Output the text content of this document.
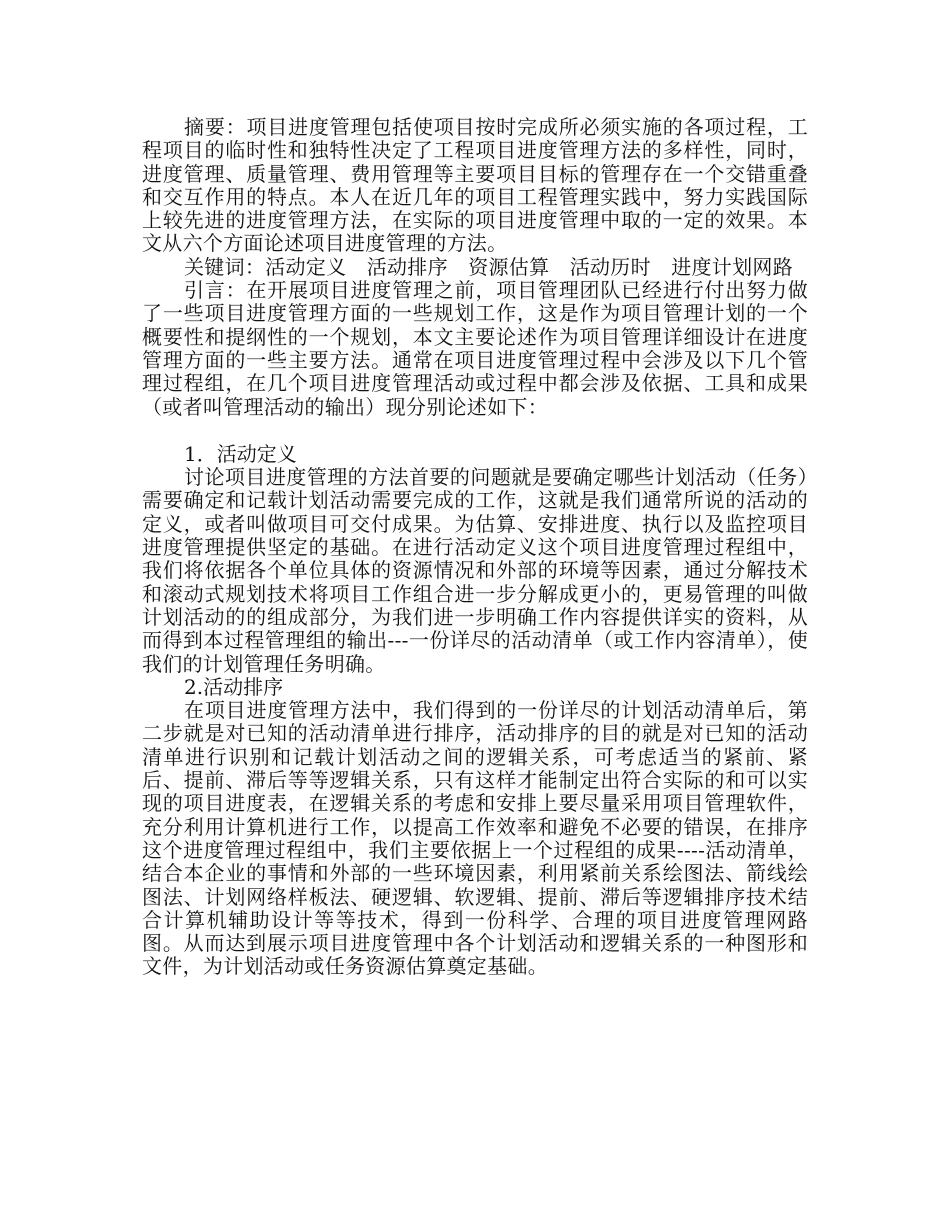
摘要：项目进度管理包括使项目按时完成所必须实施的各项过程，工程项目的临时性和独特性决定了工程项目进度管理方法的多样性，同时，进度管理、质量管理、费用管理等主要项目目标的管理存在一个交错重叠和交互作用的特点。本人在近几年的项目工程管理实践中，努力实践国际上较先进的进度管理方法，在实际的项目进度管理中取的一定的效果。本文从六个方面论述项目进度管理的方法。

关键词：活动定义　活动排序　资源估算　活动历时　进度计划网路

引言：在开展项目进度管理之前，项目管理团队已经进行付出努力做了一些项目进度管理方面的一些规划工作，这是作为项目管理计划的一个概要性和提纲性的一个规划，本文主要论述作为项目管理详细设计在进度管理方面的一些主要方法。通常在项目进度管理过程中会涉及以下几个管理过程组，在几个项目进度管理活动或过程中都会涉及依据、工具和成果（或者叫管理活动的输出）现分别论述如下：

1．活动定义

讨论项目进度管理的方法首要的问题就是要确定哪些计划活动（任务）需要确定和记载计划活动需要完成的工作，这就是我们通常所说的活动的定义，或者叫做项目可交付成果。为估算、安排进度、执行以及监控项目进度管理提供坚定的基础。在进行活动定义这个项目进度管理过程组中，我们将依据各个单位具体的资源情况和外部的环境等因素，通过分解技术和滚动式规划技术将项目工作组合进一步分解成更小的，更易管理的叫做计划活动的的组成部分，为我们进一步明确工作内容提供详实的资料，从而得到本过程管理组的输出---一份详尽的活动清单（或工作内容清单），使我们的计划管理任务明确。

2.活动排序

在项目进度管理方法中，我们得到的一份详尽的计划活动清单后，第二步就是对已知的活动清单进行排序，活动排序的目的就是对已知的活动清单进行识别和记载计划活动之间的逻辑关系，可考虑适当的紧前、紧后、提前、滞后等等逻辑关系，只有这样才能制定出符合实际的和可以实现的项目进度表，在逻辑关系的考虑和安排上要尽量采用项目管理软件，充分利用计算机进行工作，以提高工作效率和避免不必要的错误，在排序这个进度管理过程组中，我们主要依据上一个过程组的成果----活动清单，结合本企业的事情和外部的一些环境因素，利用紧前关系绘图法、箭线绘图法、计划网络样板法、硬逻辑、软逻辑、提前、滞后等逻辑排序技术结合计算机辅助设计等等技术，得到一份科学、合理的项目进度管理网路图。从而达到展示项目进度管理中各个计划活动和逻辑关系的一种图形和文件，为计划活动或任务资源估算奠定基础。
